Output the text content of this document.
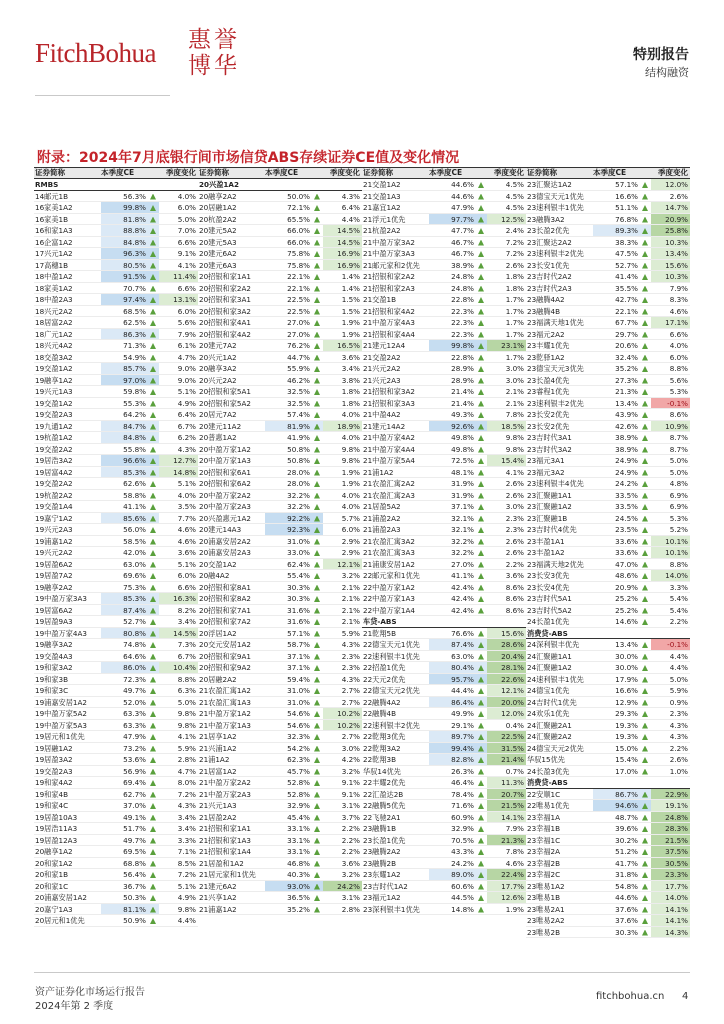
FitchBohua 惠 誉
博 华	特别报告
结构融资
附录：2024年7月底银行间市场信贷ABS存续证券CE值及变化情况
证券简称	本季度CE	季度变化
RMBS
14邮元1B	56.3%	4.0%
16家美1A2	99.8%	6.0%
16家美1B	81.8%	5.0%
16和家1A3	88.8%	7.0%
16企富1A2	84.8%	6.6%
17兴元1A2	96.3%	9.1%
17高穗1B	80.5%	4.1%
18中盈1A2	91.5%	11.4%
18家美1A2	70.7%	6.6%
18中盈2A3	97.4%	13.1%
18兴元2A2	68.5%	6.0%
18居富2A2	62.5%	5.6%
18广元1A2	86.3%	7.9%
18兴元4A2	71.3%	6.1%
18交盈3A2	54.9%	4.7%
19交盈1A2	85.7%	9.0%
19融享1A2	97.0%	9.0%
19兴元1A3	59.8%	5.1%
19交盈1A2	55.3%	4.9%
19交盈2A3	64.2%	6.4%
19九通1A2	84.7%	6.7%
19杭盈1A2	84.8%	6.2%
19交盈2A2	55.8%	4.3%
19居浩3A2	96.6%	12.7%
19居富4A2	85.3%	14.8%
19交盈2A2	62.6%	5.1%
19杭盈2A2	58.8%	4.0%
19交盈1A4	41.1%	3.5%
19嘉宁1A2	85.6%	7.7%
19兴元2A3	56.0%	4.6%
19浦嘉1A2	58.5%	4.6%
19兴元2A2	42.0%	3.6%
19居盈6A2	63.0%	5.1%
19居盈7A2	69.6%	6.0%
19融享2A2	75.3%	6.6%
19中盈万家3A3	85.3%	16.3%
19居富6A2	87.4%	8.2%
19居盈9A3	52.7%	3.4%
19中盈万家4A3	80.8%	14.5%
19融享3A2	74.8%	7.3%
19交盈4A3	64.6%	6.7%
19和家3A2	86.0%	10.4%
19和家3B	72.3%	8.8%
19和家3C	49.7%	6.3%
19浦嘉安居1A2	52.0%	5.0%
19中盈万家5A2	63.3%	9.8%
19中盈万家5A3	63.3%	9.8%
19居元和1优先	47.9%	4.1%
19居融1A2	73.2%	5.9%
19居盈3A2	53.6%	2.8%
19交盈2A3	56.9%	4.7%
19和家4A2	69.4%	8.0%
19和家4B	62.7%	7.2%
19和家4C	37.0%	4.3%
19居盈10A3	49.1%	3.4%
19居浩11A3	51.7%	3.4%
19居盈12A3	49.7%	3.3%
20融享1A2	69.5%	7.1%
20和家1A2	68.8%	8.5%
20和家1B	56.4%	7.2%
20和家1C	36.7%	5.1%
20浦嘉安居1A2	50.3%	4.9%
20嘉宁1A3	81.1%	9.8%
20居元和1优先	50.9%	4.4%
证券简称	本季度CE	季度变化
20兴盈1A2
20融享2A2	50.0%	4.3%
20居融1A2	72.1%	6.4%
20杭盈2A2	65.5%	4.4%
20建元5A2	66.0%	14.5%
20建元5A3	66.0%	14.5%
20建元6A2	75.8%	16.9%
20建元6A3	75.8%	16.9%
20招银和家1A1	22.1%	1.4%
20招银和家2A2	22.1%	1.4%
20招银和家3A1	22.5%	1.5%
20招银和家3A2	22.5%	1.5%
20招银和家4A1	27.0%	1.9%
20招银和家4A2	27.0%	1.9%
20建元7A2	76.2%	16.5%
20兴元1A2	44.7%	3.6%
20融享3A2	55.9%	3.4%
20兴元2A2	46.2%	3.8%
20招银和家5A1	32.5%	1.8%
20招银和家5A2	32.5%	1.8%
20居元7A2	57.4%	4.0%
20建元11A2	81.9%	18.9%
20普惠1A2	41.9%	4.0%
20中盈万家1A2	50.8%	9.8%
20中盈万家1A3	50.8%	9.8%
20招银和家6A1	28.0%	1.9%
20招银和家6A2	28.0%	1.9%
20中盈万家2A2	32.2%	4.0%
20中盈万家2A3	32.2%	4.0%
20兴盈惠元1A2	92.2%	5.7%
20建元14A3	92.3%	6.0%
20浦嘉安居2A2	31.0%	2.9%
20浦嘉安居2A3	33.0%	2.9%
20交盈1A2	62.4%	12.1%
20融4A2	55.4%	3.2%
20招银和家8A1	30.3%	2.1%
20招银和家8A2	30.3%	2.1%
20招银和家7A1	31.6%	2.1%
20招银和家7A2	31.6%	2.1%
20浮居1A2	57.1%	5.9%
20交元安居1A2	58.7%	4.3%
20招银和家9A1	37.1%	2.3%
20招银和家9A2	37.1%	2.3%
20居融2A2	59.4%	4.3%
21农盈汇寓1A2	31.0%	2.7%
21农盈汇寓1A3	31.0%	2.7%
21中盈万家1A2	54.6%	10.2%
21中盈万家1A3	54.6%	10.2%
21居享1A2	32.3%	2.7%
21兴浦1A2	54.2%	3.0%
21浦1A2	62.3%	4.2%
21居富1A2	45.7%	3.2%
21中盈万家2A2	52.8%	9.1%
21中盈万家2A3	52.8%	9.1%
21兴元1A3	32.9%	3.1%
21居盈2A2	45.4%	3.7%
21招银和家1A1	33.1%	2.2%
21招银和家1A3	33.1%	2.2%
21招银和家1A4	33.1%	2.2%
21居盈和1A2	46.8%	3.6%
21居元家和1优先	40.3%	3.2%
21建元6A2	93.0%	24.2%
21兴享1A2	36.5%	3.1%
21浦嘉1A2	35.2%	2.8%
证券简称	本季度CE	季度变化
21交盈1A2	44.6%	4.5%
21交盈1A3	44.6%	4.5%
21嘉宜1A2	47.9%	4.5%
21浮元1优先	97.7%	12.5%
21杭盈2A2	47.7%	2.4%
21中盈万家3A2	46.7%	7.2%
21中盈万家3A3	46.7%	7.2%
21邮元家和2优先	38.9%	2.6%
21招银和家2A2	24.8%	1.8%
21招银和家2A3	24.8%	1.8%
21交盈1B	22.8%	1.7%
21招银和家4A2	22.3%	1.7%
21中盈万家4A3	22.3%	1.7%
21招银和家4A4	22.3%	1.7%
21建元12A4	99.8%	23.1%
21交盈2A2	22.8%	1.7%
21兴元2A2	28.9%	3.0%
21兴元2A3	28.9%	3.0%
21招银和家3A2	21.4%	2.1%
21招银和家3A3	21.4%	2.1%
21中盈4A2	49.3%	7.8%
21建元14A2	92.6%	18.5%
21中盈万家4A2	49.8%	9.8%
21中盈万家4A4	49.8%	9.8%
21中盈万家5A4	72.5%	15.4%
21浦1A2	48.1%	4.1%
21农盈汇寓2A2	31.9%	2.6%
21农盈汇寓2A3	31.9%	2.6%
21居盈5A2	37.1%	3.0%
21浦盈2A2	32.1%	2.3%
21浦盈2A3	32.1%	2.3%
21农盈汇寓3A2	32.2%	2.6%
21农盈汇寓3A3	32.2%	2.6%
21浦康安居1A2	27.0%	2.2%
22邮元家和1优先	41.1%	3.6%
22中盈万家1A2	42.4%	8.6%
22中盈万家1A3	42.4%	8.6%
22中盈万家1A4	42.4%	8.6%
车贷-ABS
21乾翔5B	76.6%	15.6%
22德宝天元1优先	87.4%	28.6%
22速利银丰1优先	63.0%	20.4%
22招盈1优先	80.4%	28.1%
22天元2优先	95.7%	22.6%
22德宝天元2优先	44.4%	12.1%
22融腾4A2	86.4%	20.0%
22融腾4B	49.9%	12.0%
22速利银丰2优先	29.1%	0.4%
22乾翔3优先	89.7%	22.5%
22乾翔3A2	99.4%	31.5%
22乾翔3B	82.8%	21.4%
华驭14优先	26.3%	0.7%
22丰耀2优先	46.4%	11.3%
22汇盈达2B	78.4%	20.7%
22融腾5优先	71.6%	21.5%
22飞驰2A1	60.9%	14.1%
23融腾1B	32.9%	7.9%
23长盈1优先	70.5%	21.3%
23融腾2A2	43.3%	7.8%
23融腾2B	24.2%	4.6%
23东耀1A2	89.0%	22.4%
23吉时代1A2	60.6%	17.7%
23福元1A2	44.5%	12.6%
23深利银丰1优先	14.8%	1.9%
证券简称	本季度CE	季度变化
23汇聚达1A2	57.1%	12.0%
23德宝天元1优先	16.6%	2.6%
23速利银丰1优先	51.1%	14.7%
23融腾3A2	76.8%	20.9%
23长盈2优先	89.3%	25.8%
23汇聚达2A2	38.3%	10.3%
23速利银丰2优先	47.5%	13.4%
23长安1优先	52.7%	15.6%
23吉时代2A2	41.4%	10.3%
23吉时代2A3	35.5%	7.9%
23融腾4A2	42.7%	8.3%
23融腾4B	22.1%	4.6%
23福满天地1优先	67.7%	17.1%
23福元2A2	29.7%	6.6%
23丰耀1优先	20.6%	4.0%
23乾驿1A2	32.4%	6.0%
23德宝天元3优先	35.2%	8.8%
23长盈4优先	27.3%	5.6%
23睿程1优先	21.3%	5.3%
23速利银丰2优先	13.4%	-0.1%
23长安2优先	43.9%	8.6%
23长安2优先	42.6%	10.9%
23吉时代3A1	38.9%	8.7%
23吉时代3A2	38.9%	8.7%
23福元3A1	24.9%	5.0%
23福元3A2	24.9%	5.0%
23速利银丰4优先	24.2%	4.8%
23汇聚融1A1	33.5%	6.9%
23汇聚融1A2	33.5%	6.9%
23汇聚融1B	24.5%	5.3%
23吉时代4优先	23.5%	5.2%
23丰盈1A1	33.6%	10.1%
23丰盈1A2	33.6%	10.1%
23福满天地2优先	47.0%	8.8%
23长安3优先	48.6%	14.0%
23长安4优先	20.9%	3.3%
23吉时代5A1	25.2%	5.4%
23吉时代5A2	25.2%	5.4%
24长盈1优先	14.6%	2.2%
消费贷-ABS
24深利银丰优先	13.4%	-0.1%
24汇聚融1A1	30.0%	4.4%
24汇聚融1A2	30.0%	4.4%
24速利银丰1优先	17.9%	5.0%
24德宝1优先	16.6%	5.9%
24吉时代1优先	12.9%	0.9%
24欢乐1优先	29.3%	2.3%
24汇聚融2A1	19.3%	4.3%
24汇聚融2A2	19.3%	4.3%
24德宝天元2优先	15.0%	2.2%
华驭15优先	15.4%	2.6%
24长盈3优先	17.0%	1.0%
消费贷-ABS
22安顺1C	86.7%	22.9%
22唯易1优先	94.6%	19.1%
23幸福1A	48.7%	24.8%
23幸福1B	39.6%	28.3%
23幸福1C	30.2%	21.5%
23幸福2A	51.2%	37.5%
23幸福2B	41.7%	30.5%
23幸福2C	31.8%	23.3%
23唯易1A2	54.8%	17.7%
23唯易1B	44.6%	14.0%
23唯易2A1	37.6%	14.1%
23唯易2A2	37.6%	14.1%
23唯易2B	30.3%	14.3%
资产证券化市场运行报告
2024年第 2 季度
fitchbohua.cn 4
